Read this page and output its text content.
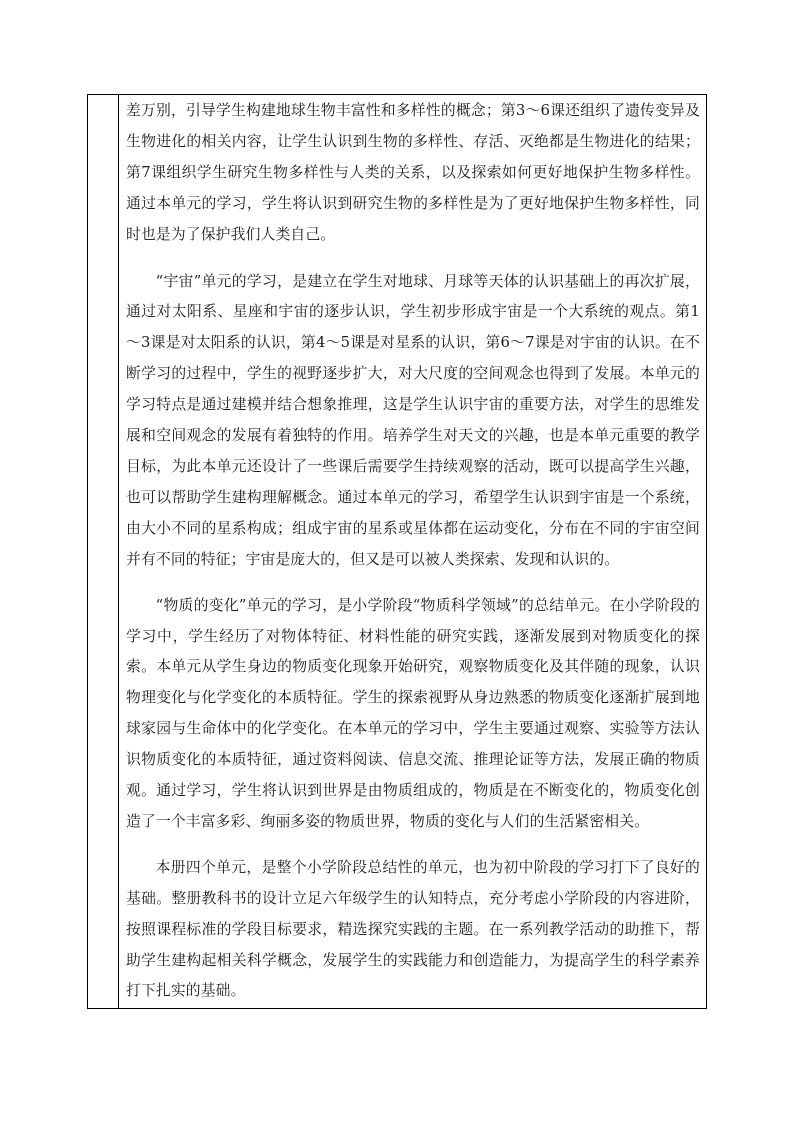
差万别，引导学生构建地球生物丰富性和多样性的概念；第3～6课还组织了遗传变异及生物进化的相关内容，让学生认识到生物的多样性、存活、灭绝都是生物进化的结果；第7课组织学生研究生物多样性与人类的关系，以及探索如何更好地保护生物多样性。通过本单元的学习，学生将认识到研究生物的多样性是为了更好地保护生物多样性，同时也是为了保护我们人类自己。

“宇宙”单元的学习，是建立在学生对地球、月球等天体的认识基础上的再次扩展，通过对太阳系、星座和宇宙的逐步认识，学生初步形成宇宙是一个大系统的观点。第1～3课是对太阳系的认识，第4～5课是对星系的认识，第6～7课是对宇宙的认识。在不断学习的过程中，学生的视野逐步扩大，对大尺度的空间观念也得到了发展。本单元的学习特点是通过建模并结合想象推理，这是学生认识宇宙的重要方法，对学生的思维发展和空间观念的发展有着独特的作用。培养学生对天文的兴趣，也是本单元重要的教学目标，为此本单元还设计了一些课后需要学生持续观察的活动，既可以提高学生兴趣，也可以帮助学生建构理解概念。通过本单元的学习，希望学生认识到宇宙是一个系统，由大小不同的星系构成；组成宇宙的星系或星体都在运动变化，分布在不同的宇宙空间并有不同的特征；宇宙是庞大的，但又是可以被人类探索、发现和认识的。

“物质的变化”单元的学习，是小学阶段“物质科学领域”的总结单元。在小学阶段的学习中，学生经历了对物体特征、材料性能的研究实践，逐渐发展到对物质变化的探索。本单元从学生身边的物质变化现象开始研究，观察物质变化及其伴随的现象，认识物理变化与化学变化的本质特征。学生的探索视野从身边熟悉的物质变化逐渐扩展到地球家园与生命体中的化学变化。在本单元的学习中，学生主要通过观察、实验等方法认识物质变化的本质特征，通过资料阅读、信息交流、推理论证等方法，发展正确的物质观。通过学习，学生将认识到世界是由物质组成的，物质是在不断变化的，物质变化创造了一个丰富多彩、绚丽多姿的物质世界，物质的变化与人们的生活紧密相关。

本册四个单元，是整个小学阶段总结性的单元，也为初中阶段的学习打下了良好的基础。整册教科书的设计立足六年级学生的认知特点，充分考虑小学阶段的内容进阶，按照课程标准的学段目标要求，精选探究实践的主题。在一系列教学活动的助推下，帮助学生建构起相关科学概念，发展学生的实践能力和创造能力，为提高学生的科学素养打下扎实的基础。
